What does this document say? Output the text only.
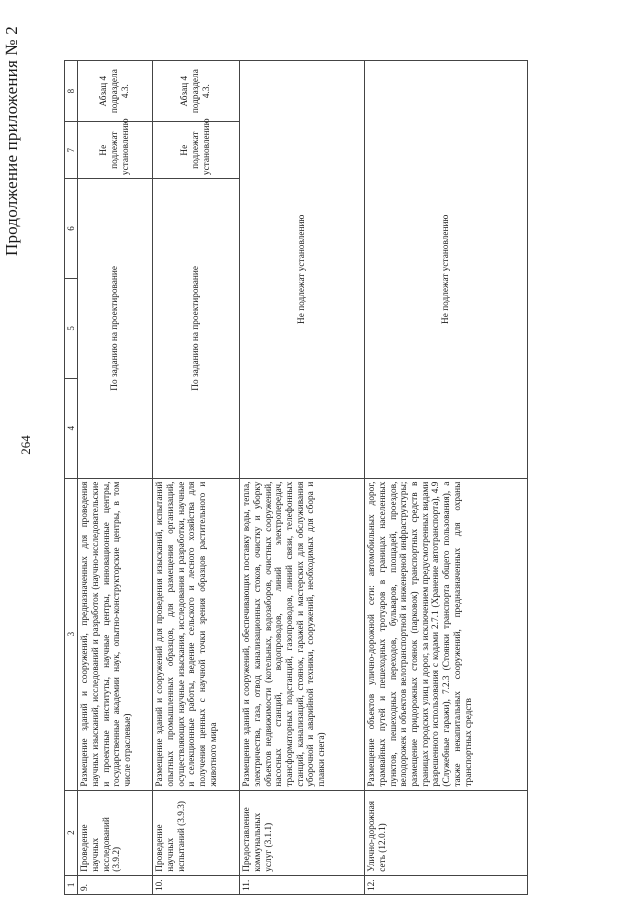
264
Продолжение приложения № 2
1	2	3	4	5	6	7	8
9.	Проведение научных исследований (3.9.2)	Размещение зданий и сооружений, предназначенных для проведения научных изысканий, исследований и разработок (научно-исследовательские и проектные институты, научные центры, инновационные центры, государственные академии наук, опытно-конструкторские центры, в том числе отраслевые)	По заданию на проектирование			Не подлежат установлению	Абзац 4 подраздела 4.3.
10.	Проведение научных испытаний (3.9.3)	Размещение зданий и сооружений для проведения изысканий, испытаний опытных промышленных образцов, для размещения организаций, осуществляющих научные изыскания, исследования и разработки, научные и селекционные работы, ведение сельского и лесного хозяйства для получения ценных с научной точки зрения образцов растительного и животного мира	По заданию на проектирование			Не подлежат установлению	Абзац 4 подраздела 4.3.
11.	Предоставление коммунальных услуг (3.1.1)	Размещение зданий и сооружений, обеспечивающих поставку воды, тепла, электричества, газа, отвод канализационных стоков, очистку и уборку объектов недвижимости (котельных, водозаборов, очистных сооружений, насосных станций, водопроводов, линий электропередач, трансформаторных подстанций, газопроводов, линий связи, телефонных станций, канализаций, стоянок, гаражей и мастерских для обслуживания уборочной и аварийной техники, сооружений, необходимых для сбора и плавки снега)	Не подлежат установлению				
12.	Улично-дорожная сеть (12.0.1)	Размещение объектов улично-дорожной сети: автомобильных дорог, трамвайных путей и пешеходных тротуаров в границах населенных пунктов, пешеходных переходов, бульваров, площадей, проездов, велодорожек и объектов велотранспортной и инженерной инфраструктуры; размещение придорожных стоянок (парковок) транспортных средств в границах городских улиц и дорог, за исключением предусмотренных видами разрешенного использования с кодами 2.7.1 (Хранение автотранспорта), 4.9 (Служебные гаражи), 7.2.3 (Стоянки транспорта общего пользования), а также некапитальных сооружений, предназначенных для охраны транспортных средств	Не подлежат установлению				
